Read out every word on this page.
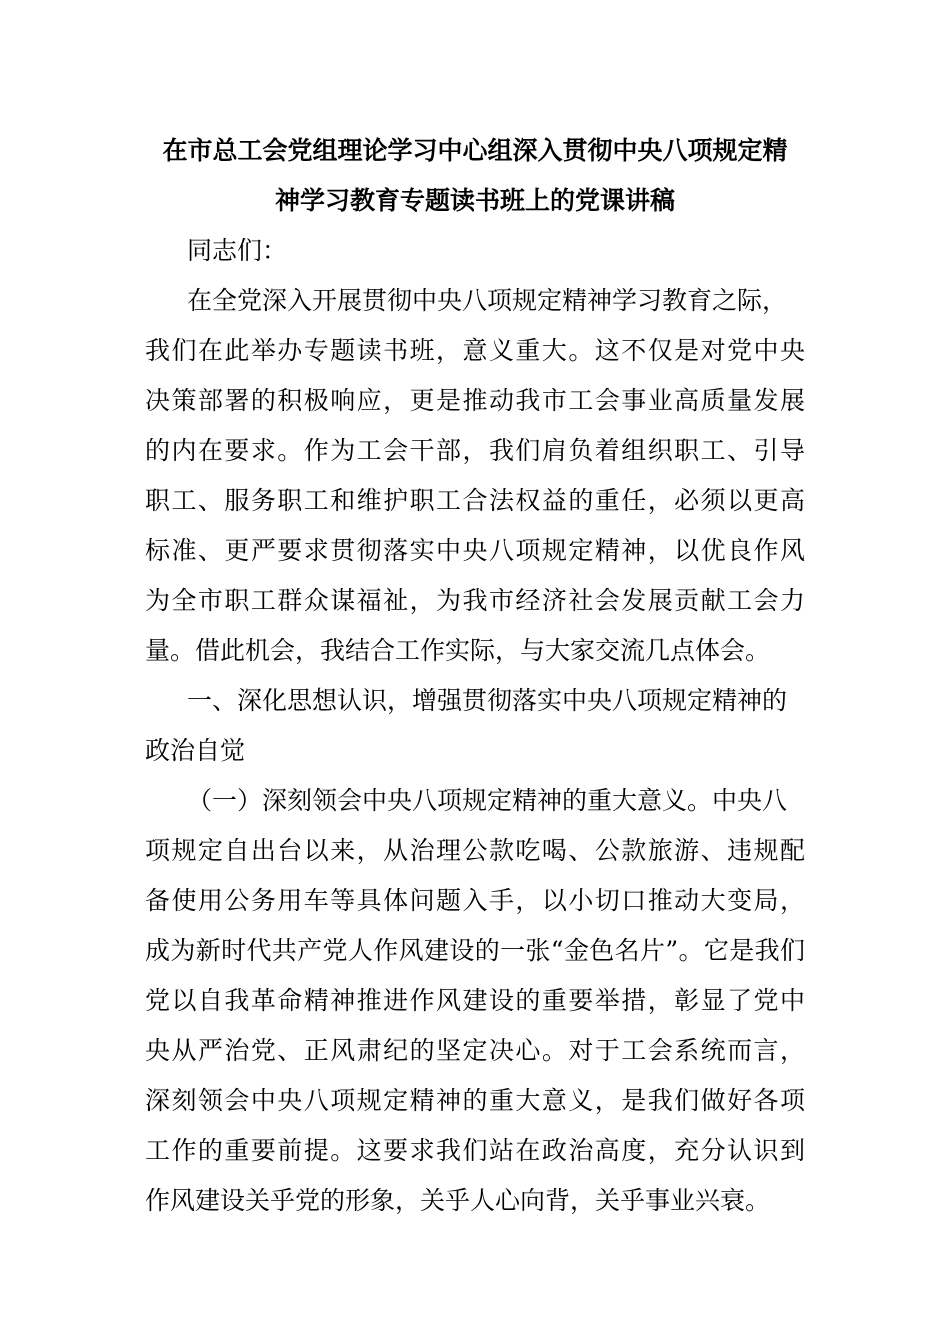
在市总工会党组理论学习中心组深入贯彻中央八项规定精
神学习教育专题读书班上的党课讲稿
同志们：
在全党深入开展贯彻中央八项规定精神学习教育之际，
我们在此举办专题读书班，意义重大。这不仅是对党中央
决策部署的积极响应，更是推动我市工会事业高质量发展
的内在要求。作为工会干部，我们肩负着组织职工、引导
职工、服务职工和维护职工合法权益的重任，必须以更高
标准、更严要求贯彻落实中央八项规定精神，以优良作风
为全市职工群众谋福祉，为我市经济社会发展贡献工会力
量。借此机会，我结合工作实际，与大家交流几点体会。
一、深化思想认识，增强贯彻落实中央八项规定精神的
政治自觉
（一）深刻领会中央八项规定精神的重大意义。中央八
项规定自出台以来，从治理公款吃喝、公款旅游、违规配
备使用公务用车等具体问题入手，以小切口推动大变局，
成为新时代共产党人作风建设的一张“金色名片”。它是我们
党以自我革命精神推进作风建设的重要举措，彰显了党中
央从严治党、正风肃纪的坚定决心。对于工会系统而言，
深刻领会中央八项规定精神的重大意义，是我们做好各项
工作的重要前提。这要求我们站在政治高度，充分认识到
作风建设关乎党的形象，关乎人心向背，关乎事业兴衰。
